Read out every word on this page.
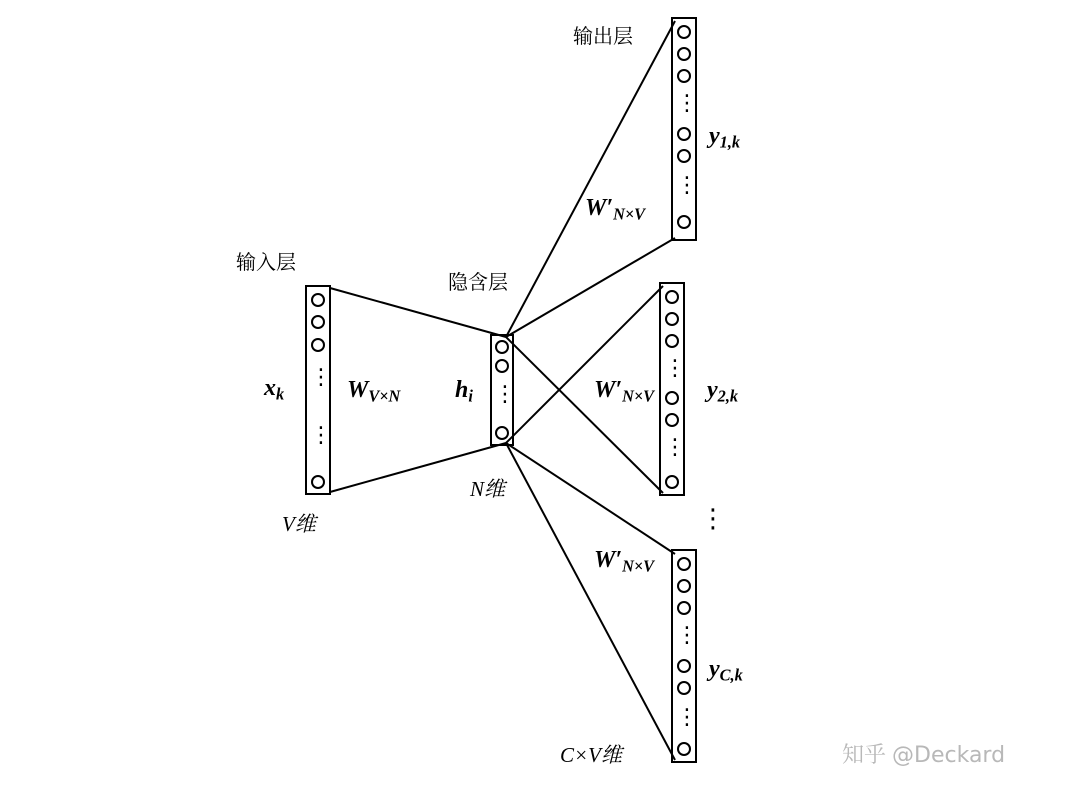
⋮
⋮
⋮
⋮
⋮
⋮
⋮
⋮
⋮
⋮
输入层
隐含层
输出层
V维
N维
C×V维
$x_k$	$h_i$
$y_{1,k}$
$y_{2,k}$
$y_{C,k}$
$W_{V\times N}$
$W'_{N\times V}$
$W'_{N\times V}$
$W'_{N\times V}$
知乎 @Deckard
